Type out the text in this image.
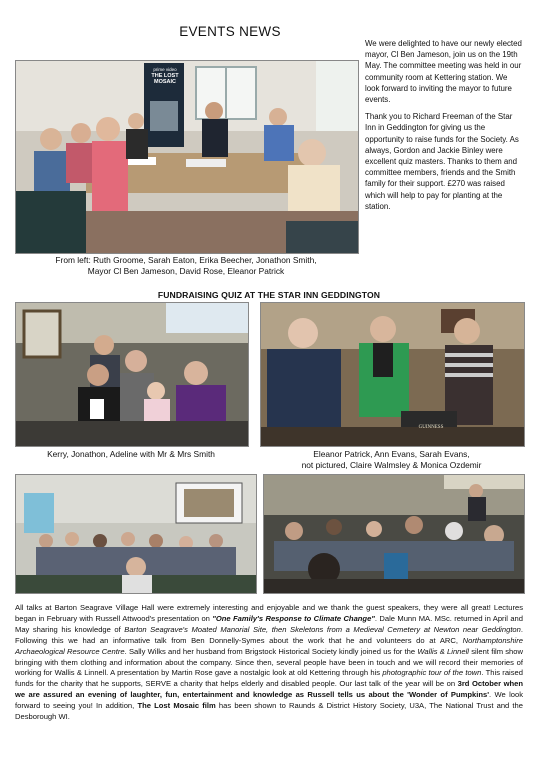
EVENTS NEWS
prime video
THE LOST
MOSAIC

We were delighted to have our newly elected mayor, Cl Ben Jameson, join us on the 19th May. The committee meeting was held in our community room at Kettering station. We look forward to inviting the mayor to future events.

Thank you to Richard Freeman of the Star Inn in Geddington for giving us the opportunity to raise funds for the Society. As always, Gordon and Jackie Binley were excellent quiz masters. Thanks to them and committee members, friends and the Smith family for their support. £270 was raised which will help to pay for planting at the station.

From left: Ruth Groome, Sarah Eaton, Erika Beecher, Jonathon Smith,
Mayor Cl Ben Jameson, David Rose, Eleanor Patrick
FUNDRAISING QUIZ AT THE STAR INN GEDDINGTON
GUINNESS
Kerry, Jonathon, Adeline with Mr & Mrs Smith	Eleanor Patrick, Ann Evans, Sarah Evans,
not pictured, Claire Walmsley & Monica Ozdemir
All talks at Barton Seagrave Village Hall were extremely interesting and enjoyable and we thank the guest speakers, they were all great! Lectures began in February with Russell Attwood's presentation on "One Family's Response to Climate Change". Dale Munn MA. MSc. returned in April and May sharing his knowledge of Barton Seagrave's Moated Manorial Site, then Skeletons from a Medieval Cemetery at Newton near Geddington. Following this we had an informative talk from Ben Donnelly-Symes about the work that he and volunteers do at ARC, Northamptonshire Archaeological Resource Centre. Sally Wilks and her husband from Brigstock Historical Society kindly joined us for the Wallis & Linnell silent film show bringing with them clothing and information about the company. Since then, several people have been in touch and we will record their memories of working for Wallis & Linnell. A presentation by Martin Rose gave a nostalgic look at old Kettering through his photographic tour of the town. This raised funds for the charity that he supports, SERVE a charity that helps elderly and disabled people. Our last talk of the year will be on 3rd October when we are assured an evening of laughter, fun, entertainment and knowledge as Russell tells us about the 'Wonder of Pumpkins'. We look forward to seeing you! In addition, The Lost Mosaic film has been shown to Raunds & District History Society, U3A, The National Trust and the Desborough WI.
